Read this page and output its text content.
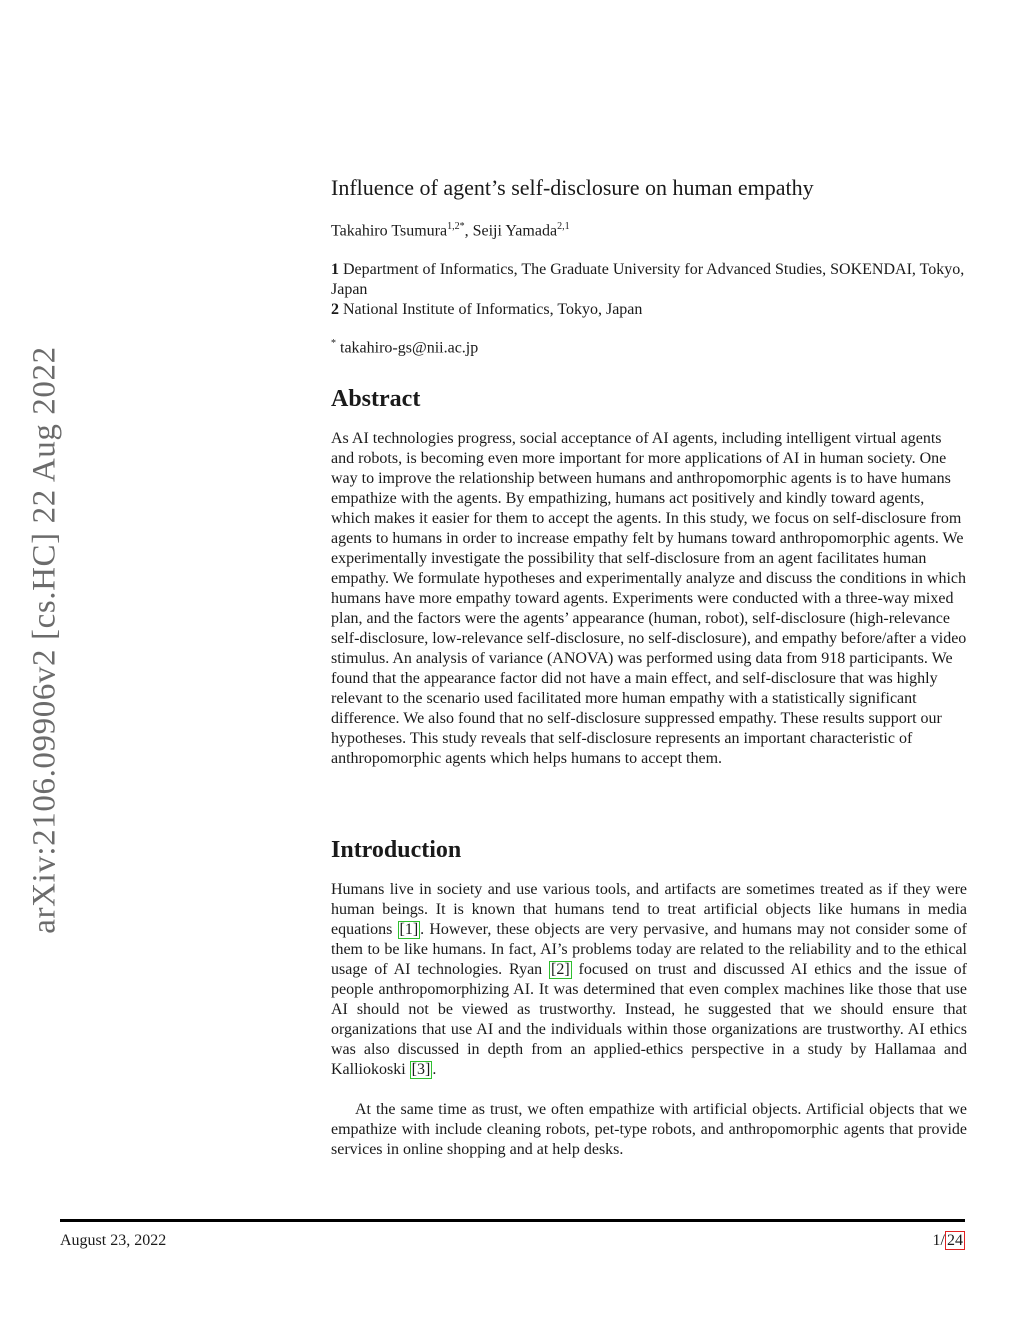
arXiv:2106.09906v2 [cs.HC] 22 Aug 2022
Influence of agent’s self-disclosure on human empathy
Takahiro Tsumura$^{1,2*}$, Seiji Yamada$^{2,1}$
1 Department of Informatics, The Graduate University for Advanced Studies, SOKENDAI, Tokyo, Japan
2 National Institute of Informatics, Tokyo, Japan
* takahiro-gs@nii.ac.jp
Abstract
As AI technologies progress, social acceptance of AI agents, including intelligent virtual agents and robots, is becoming even more important for more applications of AI in human society. One way to improve the relationship between humans and anthropomorphic agents is to have humans empathize with the agents. By empathizing, humans act positively and kindly toward agents, which makes it easier for them to accept the agents. In this study, we focus on self-disclosure from agents to humans in order to increase empathy felt by humans toward anthropomorphic agents. We experimentally investigate the possibility that self-disclosure from an agent facilitates human empathy. We formulate hypotheses and experimentally analyze and discuss the conditions in which humans have more empathy toward agents. Experiments were conducted with a three-way mixed plan, and the factors were the agents’ appearance (human, robot), self-disclosure (high-relevance self-disclosure, low-relevance self-disclosure, no self-disclosure), and empathy before/after a video stimulus. An analysis of variance (ANOVA) was performed using data from 918 participants. We found that the appearance factor did not have a main effect, and self-disclosure that was highly relevant to the scenario used facilitated more human empathy with a statistically significant difference. We also found that no self-disclosure suppressed empathy. These results support our hypotheses. This study reveals that self-disclosure represents an important characteristic of anthropomorphic agents which helps humans to accept them.
Introduction
Humans live in society and use various tools, and artifacts are sometimes treated as if they were human beings. It is known that humans tend to treat artificial objects like humans in media equations [1] . However, these objects are very pervasive, and humans may not consider some of them to be like humans. In fact, AI’s problems today are related to the reliability and to the ethical usage of AI technologies. Ryan [2] focused on trust and discussed AI ethics and the issue of people anthropomorphizing AI. It was determined that even complex machines like those that use AI should not be viewed as trustworthy. Instead, he suggested that we should ensure that organizations that use AI and the individuals within those organizations are trustworthy. AI ethics was also discussed in depth from an applied-ethics perspective in a study by Hallamaa and Kalliokoski [3] .
At the same time as trust, we often empathize with artificial objects. Artificial objects that we empathize with include cleaning robots, pet-type robots, and anthropomorphic agents that provide services in online shopping and at help desks.
August 23, 2022	1/ 24
